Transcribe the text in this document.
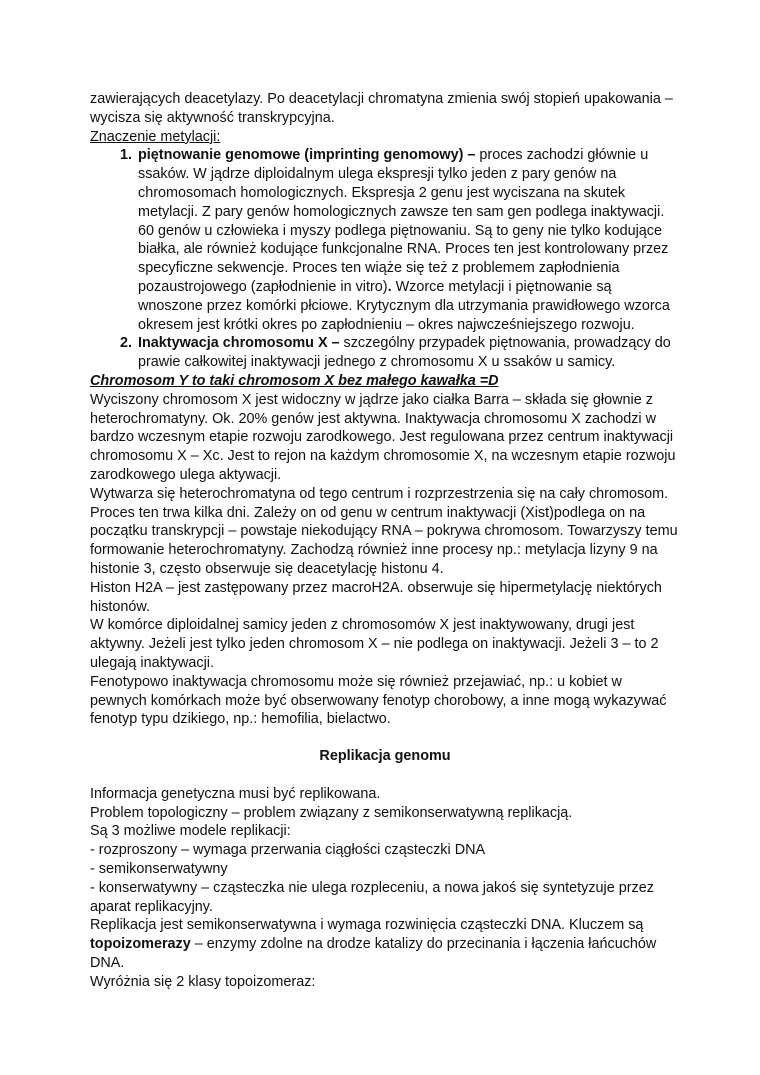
zawierających deacetylazy. Po deacetylacji chromatyna zmienia swój stopień upakowania – wycisza się aktywność transkrypcyjna.

Znaczenie metylacji:

1. piętnowanie genomowe (imprinting genomowy) – proces zachodzi głównie u ssaków. W jądrze diploidalnym ulega ekspresji tylko jeden z pary genów na chromosomach homologicznych. Ekspresja 2 genu jest wyciszana na skutek metylacji. Z pary genów homologicznych zawsze ten sam gen podlega inaktywacji. 60 genów u człowieka i myszy podlega piętnowaniu. Są to geny nie tylko kodujące białka, ale również kodujące funkcjonalne RNA. Proces ten jest kontrolowany przez specyficzne sekwencje. Proces ten wiąże się też z problemem zapłodnienia pozaustrojowego (zapłodnienie in vitro). Wzorce metylacji i piętnowanie są wnoszone przez komórki płciowe. Krytycznym dla utrzymania prawidłowego wzorca okresem jest krótki okres po zapłodnieniu – okres najwcześniejszego rozwoju.
2. Inaktywacja chromosomu X – szczególny przypadek piętnowania, prowadzący do prawie całkowitej inaktywacji jednego z chromosomu X u ssaków u samicy.

Chromosom Y to taki chromosom X bez małego kawałka =D

Wyciszony chromosom X jest widoczny w jądrze jako ciałka Barra – składa się głownie z heterochromatyny. Ok. 20% genów jest aktywna. Inaktywacja chromosomu X zachodzi w bardzo wczesnym etapie rozwoju zarodkowego. Jest regulowana przez centrum inaktywacji chromosomu X – Xc. Jest to rejon na każdym chromosomie X, na wczesnym etapie rozwoju zarodkowego ulega aktywacji.

Wytwarza się heterochromatyna od tego centrum i rozprzestrzenia się na cały chromosom. Proces ten trwa kilka dni. Zależy on od genu w centrum inaktywacji (Xist)podlega on na początku transkrypcji – powstaje niekodujący RNA – pokrywa chromosom. Towarzyszy temu formowanie heterochromatyny. Zachodzą również inne procesy np.: metylacja lizyny 9 na histonie 3, często obserwuje się deacetylację histonu 4.

Histon H2A – jest zastępowany przez macroH2A. obserwuje się hipermetylację niektórych histonów.

W komórce diploidalnej samicy jeden z chromosomów X jest inaktywowany, drugi jest aktywny. Jeżeli jest tylko jeden chromosom X – nie podlega on inaktywacji. Jeżeli 3 – to 2 ulegają inaktywacji.

Fenotypowo inaktywacja chromosomu może się również przejawiać, np.: u kobiet w pewnych komórkach może być obserwowany fenotyp chorobowy, a inne mogą wykazywać fenotyp typu dzikiego, np.: hemofilia, bielactwo.

Replikacja genomu

Informacja genetyczna musi być replikowana.

Problem topologiczny – problem związany z semikonserwatywną replikacją.

Są 3 możliwe modele replikacji:

- rozproszony – wymaga przerwania ciągłości cząsteczki DNA

- semikonserwatywny

- konserwatywny – cząsteczka nie ulega rozpleceniu, a nowa jakoś się syntetyzuje przez aparat replikacyjny.

Replikacja jest semikonserwatywna i wymaga rozwinięcia cząsteczki DNA. Kluczem są topoizomerazy – enzymy zdolne na drodze katalizy do przecinania i łączenia łańcuchów DNA.

Wyróżnia się 2 klasy topoizomeraz:
